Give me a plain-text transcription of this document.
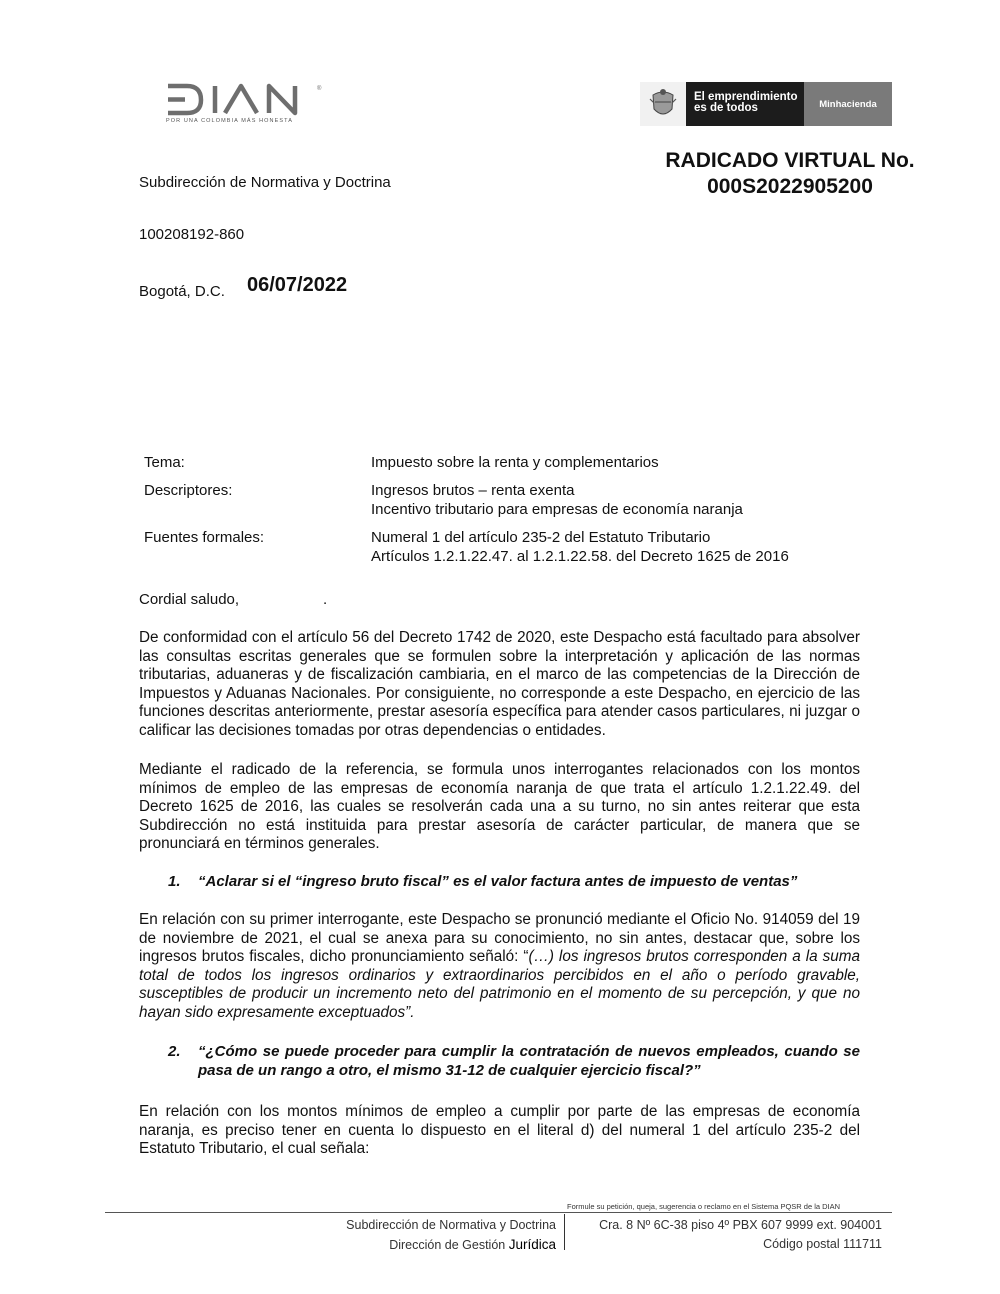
®
POR UNA COLOMBIA MÁS HONESTA
El emprendimiento
es de todos	Minhacienda
RADICADO VIRTUAL No.
000S2022905200
Subdirección de Normativa y Doctrina
100208192-860
Bogotá, D.C. 06/07/2022
Tema:	Impuesto sobre la renta y complementarios
Descriptores:	Ingresos brutos – renta exenta
Incentivo tributario para empresas de economía naranja
Fuentes formales:	Numeral 1 del artículo 235-2 del Estatuto Tributario
Artículos 1.2.1.22.47. al 1.2.1.22.58. del Decreto 1625 de 2016
Cordial saludo,	.
De conformidad con el artículo 56 del Decreto 1742 de 2020, este Despacho está facultado para absolver las consultas escritas generales que se formulen sobre la interpretación y aplicación de las normas tributarias, aduaneras y de fiscalización cambiaria, en el marco de las competencias de la Dirección de Impuestos y Aduanas Nacionales. Por consiguiente, no corresponde a este Despacho, en ejercicio de las funciones descritas anteriormente, prestar asesoría específica para atender casos particulares, ni juzgar o calificar las decisiones tomadas por otras dependencias o entidades.
Mediante el radicado de la referencia, se formula unos interrogantes relacionados con los montos mínimos de empleo de las empresas de economía naranja de que trata el artículo 1.2.1.22.49. del Decreto 1625 de 2016, las cuales se resolverán cada una a su turno, no sin antes reiterar que esta Subdirección no está instituida para prestar asesoría de carácter particular, de manera que se pronunciará en términos generales.
1.	“Aclarar si el “ingreso bruto fiscal” es el valor factura antes de impuesto de ventas”
En relación con su primer interrogante, este Despacho se pronunció mediante el Oficio No. 914059 del 19 de noviembre de 2021, el cual se anexa para su conocimiento, no sin antes, destacar que, sobre los ingresos brutos fiscales, dicho pronunciamiento señaló: “(…) los ingresos brutos corresponden a la suma total de todos los ingresos ordinarios y extraordinarios percibidos en el año o período gravable, susceptibles de producir un incremento neto del patrimonio en el momento de su percepción, y que no hayan sido expresamente exceptuados”.
2.	“¿Cómo se puede proceder para cumplir la contratación de nuevos empleados, cuando se pasa de un rango a otro, el mismo 31-12 de cualquier ejercicio fiscal?”
En relación con los montos mínimos de empleo a cumplir por parte de las empresas de economía naranja, es preciso tener en cuenta lo dispuesto en el literal d) del numeral 1 del artículo 235-2 del Estatuto Tributario, el cual señala:
Formule su petición, queja, sugerencia o reclamo en el Sistema PQSR de la DIAN
Subdirección de Normativa y Doctrina
Dirección de Gestión Jurídica
Cra. 8 Nº 6C-38 piso 4º PBX 607 9999 ext. 904001
Código postal 111711
